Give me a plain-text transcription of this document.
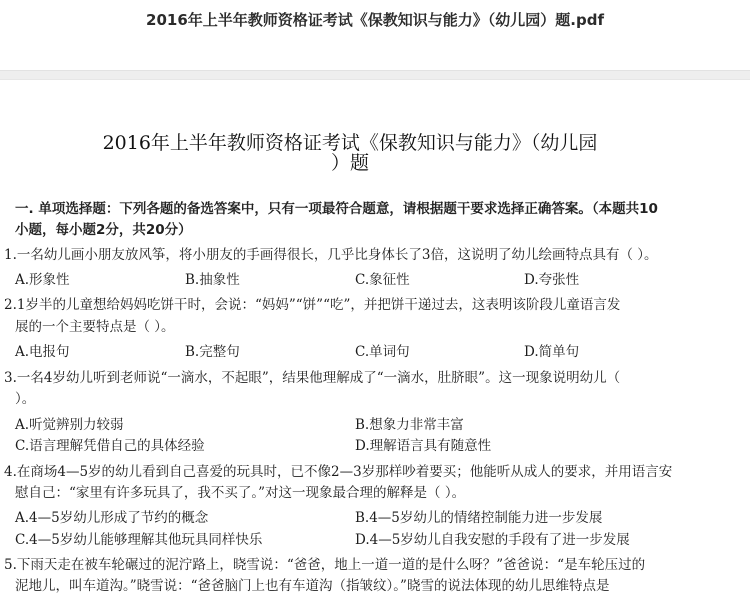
2016年上半年教师资格证考试《保教知识与能力》（幼儿园）题.pdf
2016年上半年教师资格证考试《保教知识与能力》（幼儿园
）题
一. 单项选择题：下列各题的备选答案中，只有一项最符合题意，请根据题干要求选择正确答案。（本题共10
小题，每小题2分，共20分）
1.一名幼儿画小朋友放风筝，将小朋友的手画得很长，几乎比身体长了3倍，这说明了幼儿绘画特点具有（ ）。
A.形象性	B.抽象性	C.象征性	D.夸张性
2.1岁半的儿童想给妈妈吃饼干时，会说：“妈妈”“饼”“吃”，并把饼干递过去，这表明该阶段儿童语言发
展的一个主要特点是（ ）。
A.电报句	B.完整句	C.单词句	D.简单句
3.一名4岁幼儿听到老师说“一滴水，不起眼”，结果他理解成了“一滴水，肚脐眼”。这一现象说明幼儿（
）。
A.听觉辨别力较弱	B.想象力非常丰富
C.语言理解凭借自己的具体经验	D.理解语言具有随意性
4.在商场4—5岁的幼儿看到自己喜爱的玩具时，已不像2—3岁那样吵着要买；他能听从成人的要求，并用语言安
慰自己：“家里有许多玩具了，我不买了。”对这一现象最合理的解释是（ ）。
A.4—5岁幼儿形成了节约的概念	B.4—5岁幼儿的情绪控制能力进一步发展
C.4—5岁幼儿能够理解其他玩具同样快乐	D.4—5岁幼儿自我安慰的手段有了进一步发展
5.下雨天走在被车轮碾过的泥泞路上，晓雪说：“爸爸，地上一道一道的是什么呀？”爸爸说：“是车轮压过的
泥地儿，叫车道沟。”晓雪说：“爸爸脑门上也有车道沟（指皱纹）。”晓雪的说法体现的幼儿思维特点是
